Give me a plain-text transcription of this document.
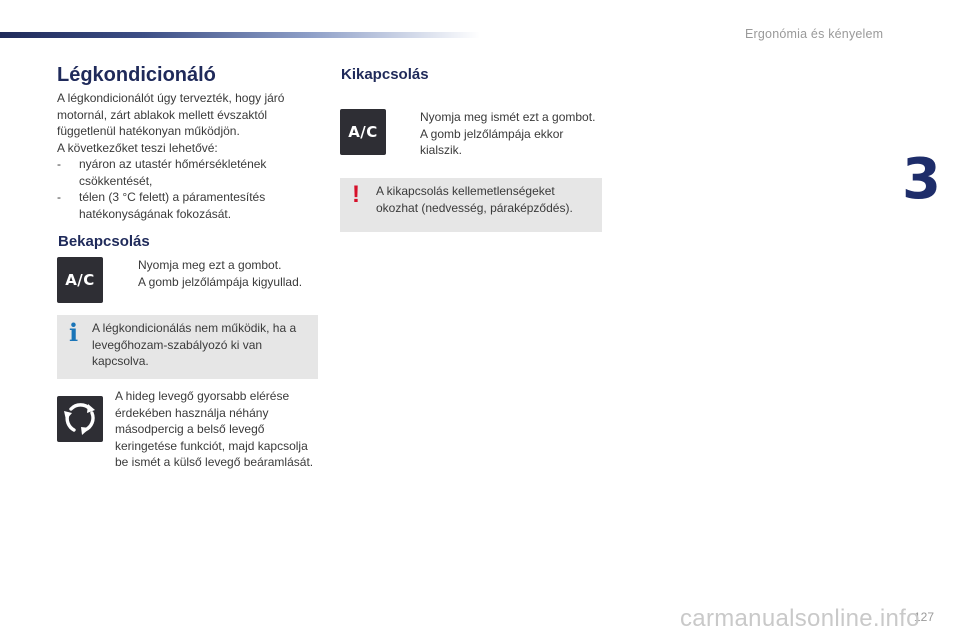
Ergonómia és kényelem
3
Légkondicionáló

A légkondicionálót úgy tervezték, hogy járó

motornál, zárt ablakok mellett évszaktól

függetlenül hatékonyan működjön.

A következőket teszi lehetővé:

-	nyáron az utastér hőmérsékletének csökkentését,
-	télen (3 °C felett) a páramentesítés hatékonyságának fokozását.
Bekapcsolás
A/C
Nyomja meg ezt a gombot.
A gomb jelzőlámpája kigyullad.
i A légkondicionálás nem működik, ha a levegőhozam-szabályozó ki van kapcsolva.
A hideg levegő gyorsabb elérése érdekében használja néhány másodpercig a belső levegő keringetése funkciót, majd kapcsolja be ismét a külső levegő beáramlását.
Kikapcsolás
A/C
Nyomja meg ismét ezt a gombot.
A gomb jelzőlámpája ekkor
kialszik.
! A kikapcsolás kellemetlenségeket okozhat (nedvesség, páraképződés).
127
carmanualsonline.info
